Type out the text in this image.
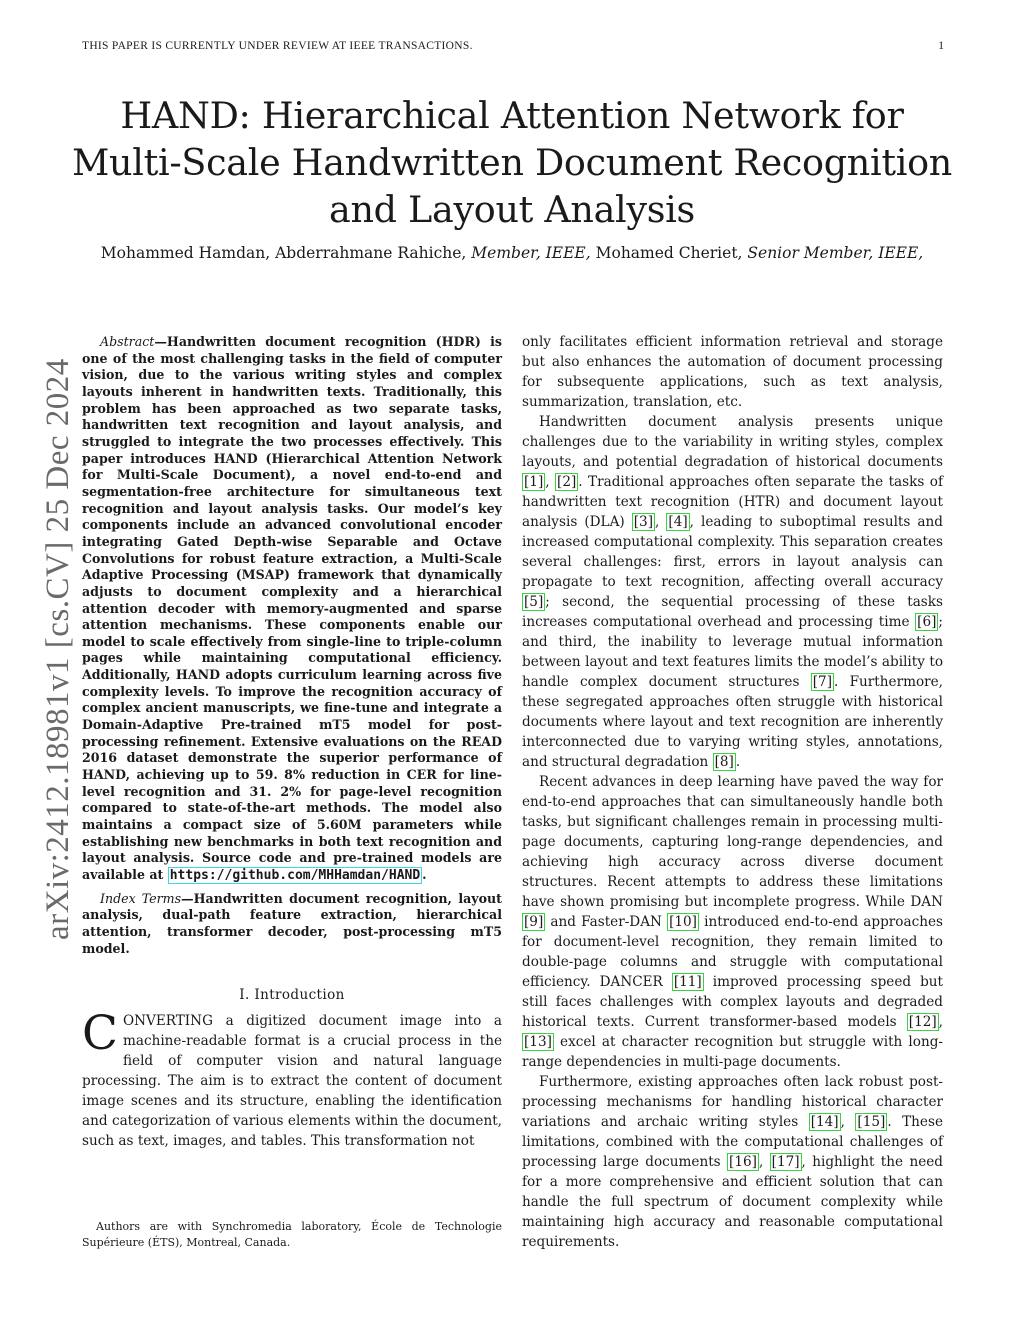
THIS PAPER IS CURRENTLY UNDER REVIEW AT IEEE TRANSACTIONS.	1
HAND: Hierarchical Attention Network for Multi-Scale Handwritten Document Recognition and Layout Analysis
Mohammed Hamdan, Abderrahmane Rahiche, Member, IEEE, Mohamed Cheriet, Senior Member, IEEE,
arXiv:2412.18981v1 [cs.CV] 25 Dec 2024

Abstract—Handwritten document recognition (HDR) is one of the most challenging tasks in the field of computer vision, due to the various writing styles and complex layouts inherent in handwritten texts. Traditionally, this problem has been approached as two separate tasks, handwritten text recognition and layout analysis, and struggled to integrate the two processes effectively. This paper introduces HAND (Hierarchical Attention Network for Multi-Scale Document), a novel end-to-end and segmentation-free architecture for simultaneous text recognition and layout analysis tasks. Our model’s key components include an advanced convolutional encoder integrating Gated Depth-wise Separable and Octave Convolutions for robust feature extraction, a Multi-Scale Adaptive Processing (MSAP) framework that dynamically adjusts to document complexity and a hierarchical attention decoder with memory-augmented and sparse attention mechanisms. These components enable our model to scale effectively from single-line to triple-column pages while maintaining computational efficiency. Additionally, HAND adopts curriculum learning across five complexity levels. To improve the recognition accuracy of complex ancient manuscripts, we fine-tune and integrate a Domain-Adaptive Pre-trained mT5 model for post-processing refinement. Extensive evaluations on the READ 2016 dataset demonstrate the superior performance of HAND, achieving up to 59. 8% reduction in CER for line-level recognition and 31. 2% for page-level recognition compared to state-of-the-art methods. The model also maintains a compact size of 5.60M parameters while establishing new benchmarks in both text recognition and layout analysis. Source code and pre-trained models are available at https://github.com/MHHamdan/HAND .

Index Terms—Handwritten document recognition, layout analysis, dual-path feature extraction, hierarchical attention, transformer decoder, post-processing mT5 model.

I. Introduction

CONVERTING a digitized document image into a machine-readable format is a crucial process in the field of computer vision and natural language processing. The aim is to extract the content of document image scenes and its structure, enabling the identification and categorization of various elements within the document, such as text, images, and tables. This transformation not

Authors are with Synchromedia laboratory, École de Technologie Supérieure (ÉTS), Montreal, Canada.

only facilitates efficient information retrieval and storage but also enhances the automation of document processing for subsequente applications, such as text analysis, summarization, translation, etc.

Handwritten document analysis presents unique challenges due to the variability in writing styles, complex layouts, and potential degradation of historical documents [1] , [2] . Traditional approaches often separate the tasks of handwritten text recognition (HTR) and document layout analysis (DLA) [3] , [4] , leading to suboptimal results and increased computational complexity. This separation creates several challenges: first, errors in layout analysis can propagate to text recognition, affecting overall accuracy [5] ; second, the sequential processing of these tasks increases computational overhead and processing time [6] ; and third, the inability to leverage mutual information between layout and text features limits the model’s ability to handle complex document structures [7] . Furthermore, these segregated approaches often struggle with historical documents where layout and text recognition are inherently interconnected due to varying writing styles, annotations, and structural degradation [8] .

Recent advances in deep learning have paved the way for end-to-end approaches that can simultaneously handle both tasks, but significant challenges remain in processing multi-page documents, capturing long-range dependencies, and achieving high accuracy across diverse document structures. Recent attempts to address these limitations have shown promising but incomplete progress. While DAN [9] and Faster-DAN [10] introduced end-to-end approaches for document-level recognition, they remain limited to double-page columns and struggle with computational efficiency. DANCER [11] improved processing speed but still faces challenges with complex layouts and degraded historical texts. Current transformer-based models [12] , [13] excel at character recognition but struggle with long-range dependencies in multi-page documents.

Furthermore, existing approaches often lack robust post-processing mechanisms for handling historical character variations and archaic writing styles [14] , [15] . These limitations, combined with the computational challenges of processing large documents [16] , [17] , highlight the need for a more comprehensive and efficient solution that can handle the full spectrum of document complexity while maintaining high accuracy and reasonable computational requirements.
